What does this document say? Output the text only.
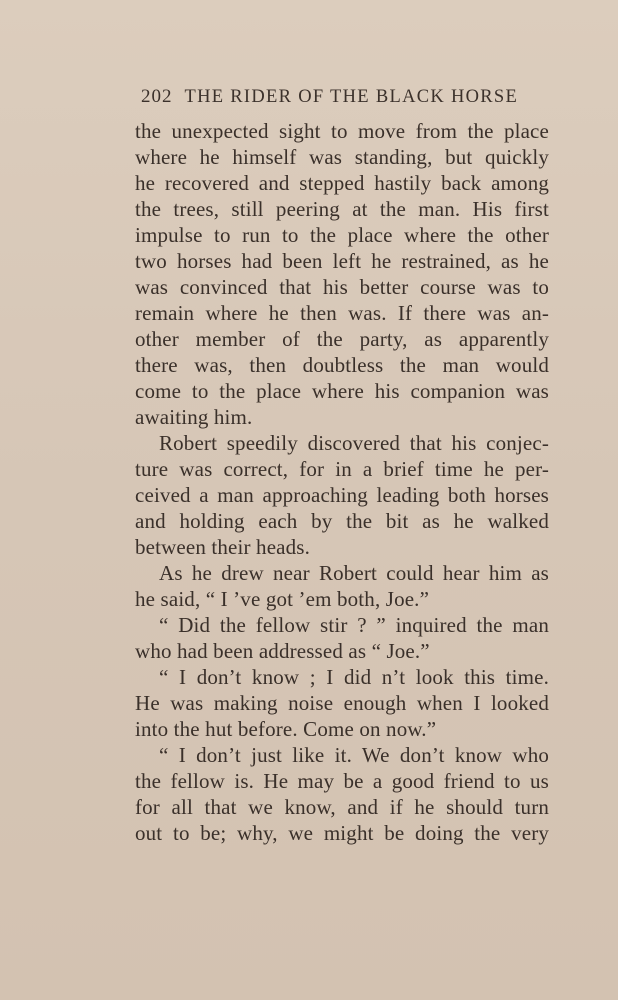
202 THE RIDER OF THE BLACK HORSE
the unexpected sight to move from the place
where he himself was standing, but quickly
he recovered and stepped hastily back among
the trees, still peering at the man. His first
impulse to run to the place where the other
two horses had been left he restrained, as he
was convinced that his better course was to
remain where he then was. If there was an-
other member of the party, as apparently
there was, then doubtless the man would
come to the place where his companion was
awaiting him.
Robert speedily discovered that his conjec-
ture was correct, for in a brief time he per-
ceived a man approaching leading both horses
and holding each by the bit as he walked
between their heads.
As he drew near Robert could hear him as
he said, “ I ’ve got ’em both, Joe.”
“ Did the fellow stir ? ” inquired the man
who had been addressed as “ Joe.”
“ I don’t know ; I did n’t look this time.
He was making noise enough when I looked
into the hut before. Come on now.”
“ I don’t just like it. We don’t know who
the fellow is. He may be a good friend to us
for all that we know, and if he should turn
out to be; why, we might be doing the very
